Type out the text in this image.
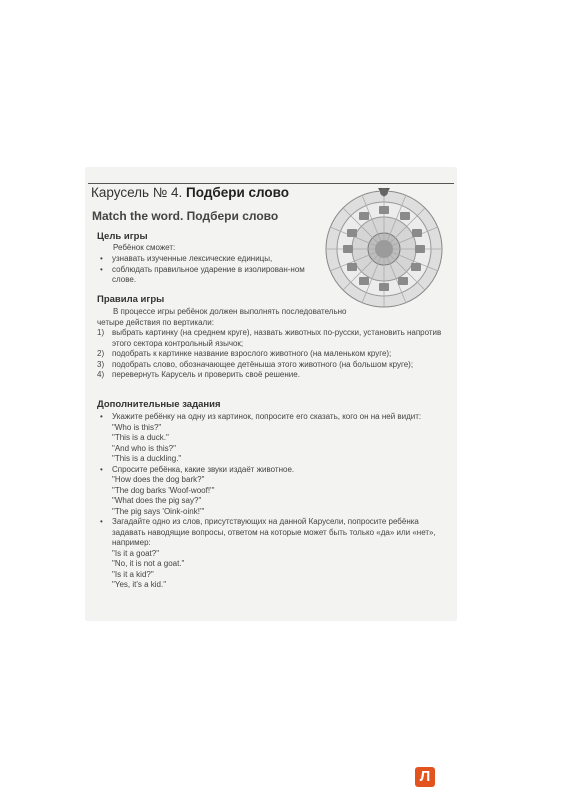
Карусель № 4. Подбери слово
Match the word. Подбери слово
Цель игры
Ребёнок сможет:
• узнавать изученные лексические единицы,
• соблюдать правильное ударение в изолирован-ном слове.
Правила игры
В процессе игры ребёнок должен выполнять последовательно четыре действия по вертикали:
1) выбрать картинку (на среднем круге), назвать животных по-русски, установить напротив этого сектора контрольный язычок;
2) подобрать к картинке название взрослого животного (на маленьком круге);
3) подобрать слово, обозначающее детёныша этого животного (на большом круге);
4) перевернуть Карусель и проверить своё решение.
Дополнительные задания
• Укажите ребёнку на одну из картинок, попросите его сказать, кого он на ней видит:
"Who is this?"
"This is a duck."
"And who is this?"
"This is a duckling."
• Спросите ребёнка, какие звуки издаёт животное.
"How does the dog bark?"
"The dog barks 'Woof-woof!'"
"What does the pig say?"
"The pig says 'Oink-oink!'"
• Загадайте одно из слов, присутствующих на данной Карусели, попросите ребёнка задавать наводящие вопросы, ответом на которые может быть только «да» или «нет», например:
"Is it a goat?"
"No, it is not a goat."
"Is it a kid?"
"Yes, it's a kid."
Л
